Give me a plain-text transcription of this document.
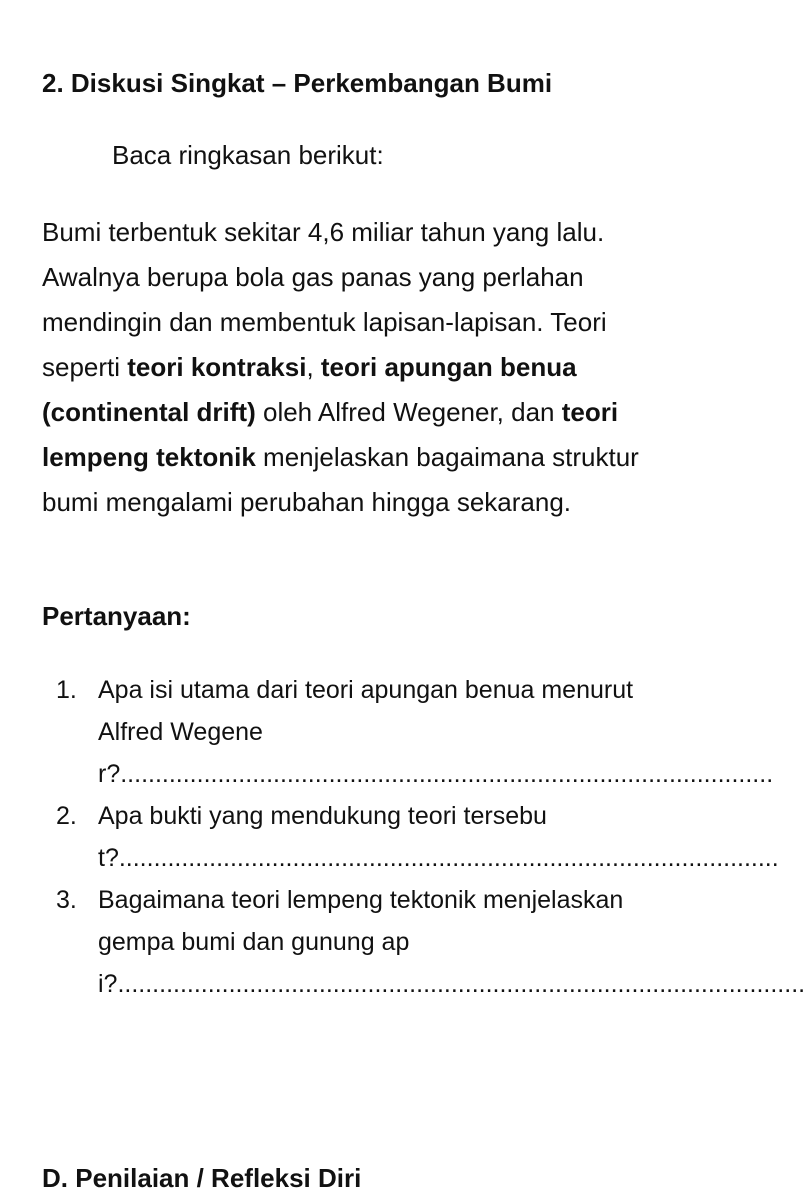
2. Diskusi Singkat – Perkembangan Bumi

Baca ringkasan berikut:

Bumi terbentuk sekitar 4,6 miliar tahun yang lalu. Awalnya berupa bola gas panas yang perlahan mendingin dan membentuk lapisan-lapisan. Teori seperti teori kontraksi, teori apungan benua (continental drift) oleh Alfred Wegener, dan teori lempeng tektonik menjelaskan bagaimana struktur bumi mengalami perubahan hingga sekarang.

Pertanyaan:
1. Apa isi utama dari teori apungan benua menurut Alfred Wegener?..............................................................................................
2. Apa bukti yang mendukung teori tersebut?...............................................................................................
3. Bagaimana teori lempeng tektonik menjelaskan gempa bumi dan gunung api?...................................................................................................
D. Penilaian / Refleksi Diri
